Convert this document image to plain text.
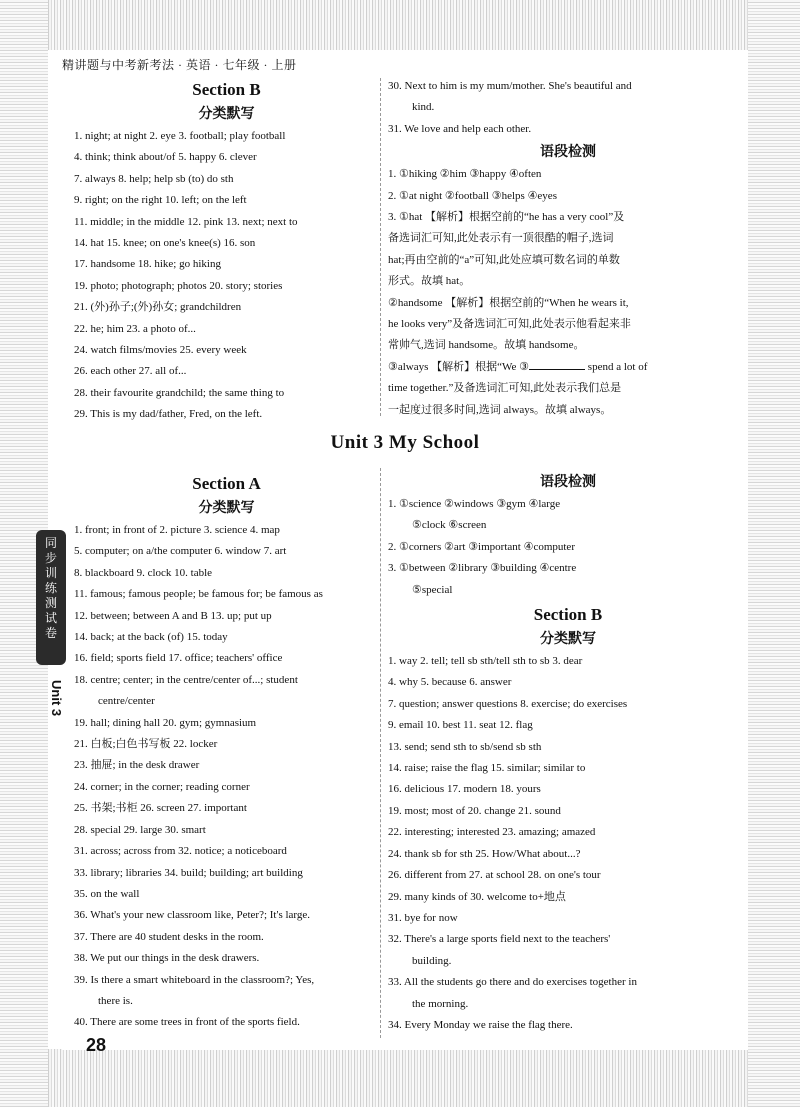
精讲题与中考新考法 · 英语 · 七年级 · 上册
Section B
分类默写
1. night; at night 2. eye 3. football; play football
4. think; think about/of 5. happy 6. clever
7. always 8. help; help sb (to) do sth
9. right; on the right 10. left; on the left
11. middle; in the middle 12. pink 13. next; next to
14. hat 15. knee; on one's knee(s) 16. son
17. handsome 18. hike; go hiking
19. photo; photograph; photos 20. story; stories
21. (外)孙子;(外)孙女; grandchildren
22. he; him 23. a photo of...
24. watch films/movies 25. every week
26. each other 27. all of...
28. their favourite grandchild; the same thing to
29. This is my dad/father, Fred, on the left.
30. Next to him is my mum/mother. She's beautiful and
kind.
31. We love and help each other.
语段检测
1. ①hiking ②him ③happy ④often
2. ①at night ②football ③helps ④eyes
3. ①hat 【解析】根据空前的“he has a very cool”及
备选词汇可知,此处表示有一顶很酷的帽子,选词
hat;再由空前的“a”可知,此处应填可数名词的单数
形式。故填 hat。
②handsome 【解析】根据空前的“When he wears it,
he looks very”及备选词汇可知,此处表示他看起来非
常帅气,选词 handsome。故填 handsome。
③always 【解析】根据“We ③	spend a lot of
time together.”及备选词汇可知,此处表示我们总是
一起度过很多时间,选词 always。故填 always。
Unit 3 My School
Section A
分类默写
1. front; in front of 2. picture 3. science 4. map
5. computer; on a/the computer 6. window 7. art
8. blackboard 9. clock 10. table
11. famous; famous people; be famous for; be famous as
12. between; between A and B 13. up; put up
14. back; at the back (of) 15. today
16. field; sports field 17. office; teachers' office
18. centre; center; in the centre/center of...; student
centre/center
19. hall; dining hall 20. gym; gymnasium
21. 白板;白色书写板 22. locker
23. 抽屉; in the desk drawer
24. corner; in the corner; reading corner
25. 书架;书柜 26. screen 27. important
28. special 29. large 30. smart
31. across; across from 32. notice; a noticeboard
33. library; libraries 34. build; building; art building
35. on the wall
36. What's your new classroom like, Peter?; It's large.
37. There are 40 student desks in the room.
38. We put our things in the desk drawers.
39. Is there a smart whiteboard in the classroom?; Yes,
there is.
40. There are some trees in front of the sports field.
语段检测
1. ①science ②windows ③gym ④large
⑤clock ⑥screen
2. ①corners ②art ③important ④computer
3. ①between ②library ③building ④centre
⑤special
Section B
分类默写
1. way 2. tell; tell sb sth/tell sth to sb 3. dear
4. why 5. because 6. answer
7. question; answer questions 8. exercise; do exercises
9. email 10. best 11. seat 12. flag
13. send; send sth to sb/send sb sth
14. raise; raise the flag 15. similar; similar to
16. delicious 17. modern 18. yours
19. most; most of 20. change 21. sound
22. interesting; interested 23. amazing; amazed
24. thank sb for sth 25. How/What about...?
26. different from 27. at school 28. on one's tour
29. many kinds of 30. welcome to+地点
31. bye for now
32. There's a large sports field next to the teachers'
building.
33. All the students go there and do exercises together in
the morning.
34. Every Monday we raise the flag there.
28
同步训练测试卷
Unit 3
